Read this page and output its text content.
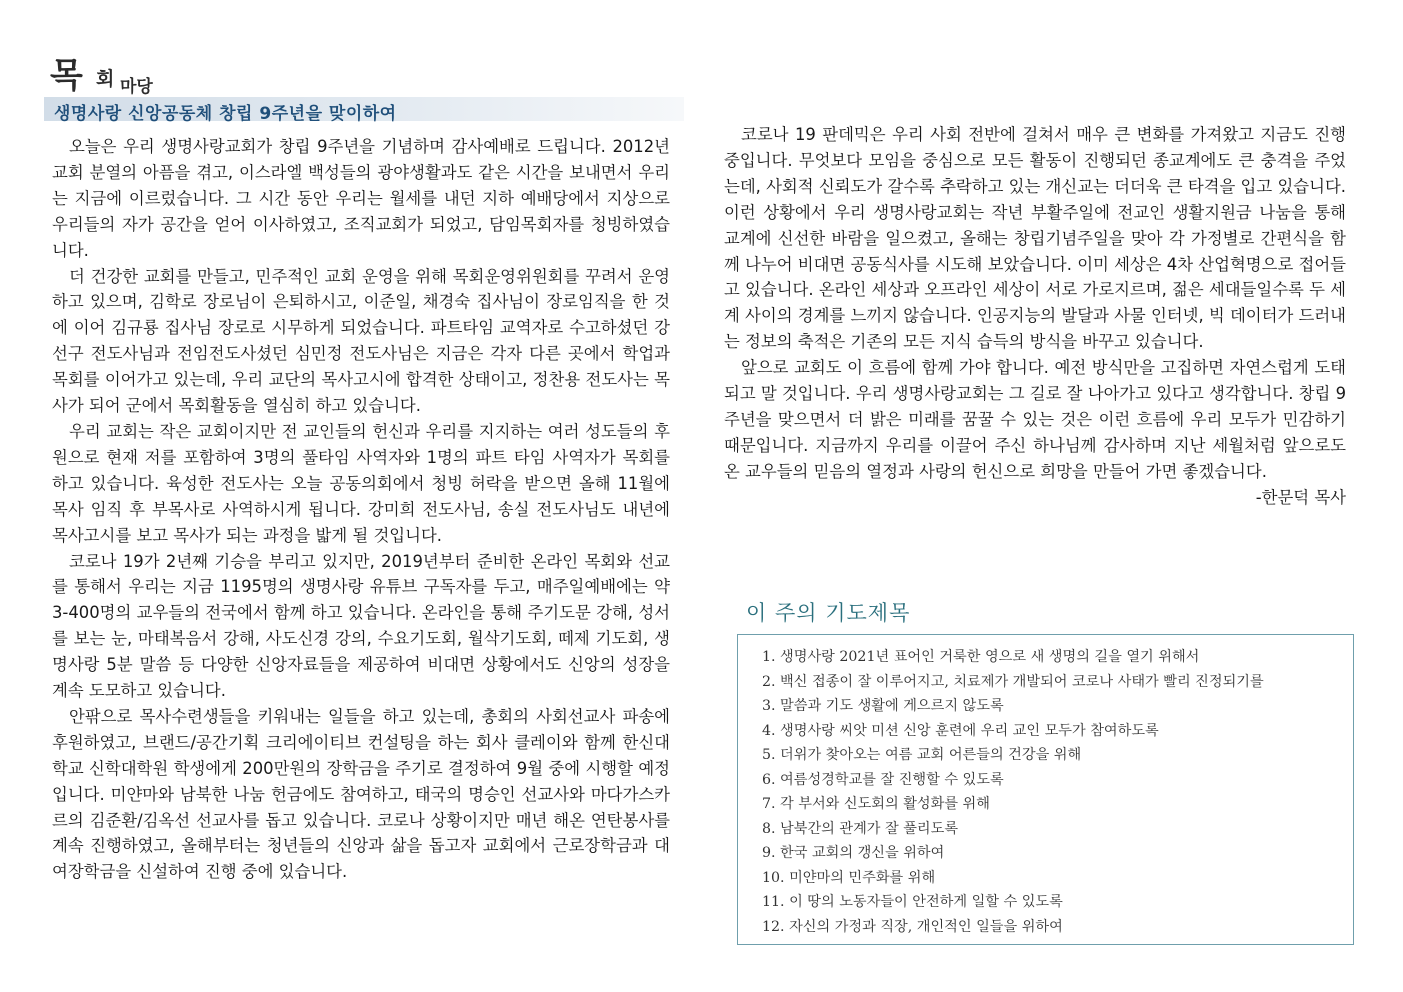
목 회 마당
생명사랑 신앙공동체 창립 9주년을 맞이하여

오늘은 우리 생명사랑교회가 창립 9주년을 기념하며 감사예배로 드립니다. 2012년 교회 분열의 아픔을 겪고, 이스라엘 백성들의 광야생활과도 같은 시간을 보내면서 우리는 지금에 이르렀습니다. 그 시간 동안 우리는 월세를 내던 지하 예배당에서 지상으로 우리들의 자가 공간을 얻어 이사하였고, 조직교회가 되었고, 담임목회자를 청빙하였습니다.

더 건강한 교회를 만들고, 민주적인 교회 운영을 위해 목회운영위원회를 꾸려서 운영하고 있으며, 김학로 장로님이 은퇴하시고, 이준일, 채경숙 집사님이 장로임직을 한 것에 이어 김규룡 집사님 장로로 시무하게 되었습니다. 파트타임 교역자로 수고하셨던 강선구 전도사님과 전임전도사셨던 심민정 전도사님은 지금은 각자 다른 곳에서 학업과 목회를 이어가고 있는데, 우리 교단의 목사고시에 합격한 상태이고, 정찬용 전도사는 목사가 되어 군에서 목회활동을 열심히 하고 있습니다.

우리 교회는 작은 교회이지만 전 교인들의 헌신과 우리를 지지하는 여러 성도들의 후원으로 현재 저를 포함하여 3명의 풀타임 사역자와 1명의 파트 타임 사역자가 목회를 하고 있습니다. 육성한 전도사는 오늘 공동의회에서 청빙 허락을 받으면 올해 11월에 목사 임직 후 부목사로 사역하시게 됩니다. 강미희 전도사님, 송실 전도사님도 내년에 목사고시를 보고 목사가 되는 과정을 밟게 될 것입니다.

코로나 19가 2년째 기승을 부리고 있지만, 2019년부터 준비한 온라인 목회와 선교를 통해서 우리는 지금 1195명의 생명사랑 유튜브 구독자를 두고, 매주일예배에는 약 3-400명의 교우들의 전국에서 함께 하고 있습니다. 온라인을 통해 주기도문 강해, 성서를 보는 눈, 마태복음서 강해, 사도신경 강의, 수요기도회, 월삭기도회, 떼제 기도회, 생명사랑 5분 말씀 등 다양한 신앙자료들을 제공하여 비대면 상황에서도 신앙의 성장을 계속 도모하고 있습니다.

안팎으로 목사수련생들을 키워내는 일들을 하고 있는데, 총회의 사회선교사 파송에 후원하였고, 브랜드/공간기획 크리에이티브 컨설팅을 하는 회사 클레이와 함께 한신대학교 신학대학원 학생에게 200만원의 장학금을 주기로 결정하여 9월 중에 시행할 예정입니다. 미얀마와 남북한 나눔 헌금에도 참여하고, 태국의 명승인 선교사와 마다가스카르의 김준환/김옥선 선교사를 돕고 있습니다. 코로나 상황이지만 매년 해온 연탄봉사를 계속 진행하였고, 올해부터는 청년들의 신앙과 삶을 돕고자 교회에서 근로장학금과 대여장학금을 신설하여 진행 중에 있습니다.

코로나 19 판데믹은 우리 사회 전반에 걸쳐서 매우 큰 변화를 가져왔고 지금도 진행 중입니다. 무엇보다 모임을 중심으로 모든 활동이 진행되던 종교계에도 큰 충격을 주었는데, 사회적 신뢰도가 갈수록 추락하고 있는 개신교는 더더욱 큰 타격을 입고 있습니다. 이런 상황에서 우리 생명사랑교회는 작년 부활주일에 전교인 생활지원금 나눔을 통해 교계에 신선한 바람을 일으켰고, 올해는 창립기념주일을 맞아 각 가정별로 간편식을 함께 나누어 비대면 공동식사를 시도해 보았습니다. 이미 세상은 4차 산업혁명으로 접어들고 있습니다. 온라인 세상과 오프라인 세상이 서로 가로지르며, 젊은 세대들일수록 두 세계 사이의 경계를 느끼지 않습니다. 인공지능의 발달과 사물 인터넷, 빅 데이터가 드러내는 정보의 축적은 기존의 모든 지식 습득의 방식을 바꾸고 있습니다.

앞으로 교회도 이 흐름에 함께 가야 합니다. 예전 방식만을 고집하면 자연스럽게 도태되고 말 것입니다. 우리 생명사랑교회는 그 길로 잘 나아가고 있다고 생각합니다. 창립 9주년을 맞으면서 더 밝은 미래를 꿈꿀 수 있는 것은 이런 흐름에 우리 모두가 민감하기 때문입니다. 지금까지 우리를 이끌어 주신 하나님께 감사하며 지난 세월처럼 앞으로도 온 교우들의 믿음의 열정과 사랑의 헌신으로 희망을 만들어 가면 좋겠습니다.

-한문덕 목사

이 주의 기도제목
1. 생명사랑 2021년 표어인 거룩한 영으로 새 생명의 길을 열기 위해서
2. 백신 접종이 잘 이루어지고, 치료제가 개발되어 코로나 사태가 빨리 진정되기를
3. 말씀과 기도 생활에 게으르지 않도록
4. 생명사랑 씨앗 미션 신앙 훈련에 우리 교인 모두가 참여하도록
5. 더위가 찾아오는 여름 교회 어른들의 건강을 위해
6. 여름성경학교를 잘 진행할 수 있도록
7. 각 부서와 신도회의 활성화를 위해
8. 남북간의 관계가 잘 풀리도록
9. 한국 교회의 갱신을 위하여
10. 미얀마의 민주화를 위해
11. 이 땅의 노동자들이 안전하게 일할 수 있도록
12. 자신의 가정과 직장, 개인적인 일들을 위하여
